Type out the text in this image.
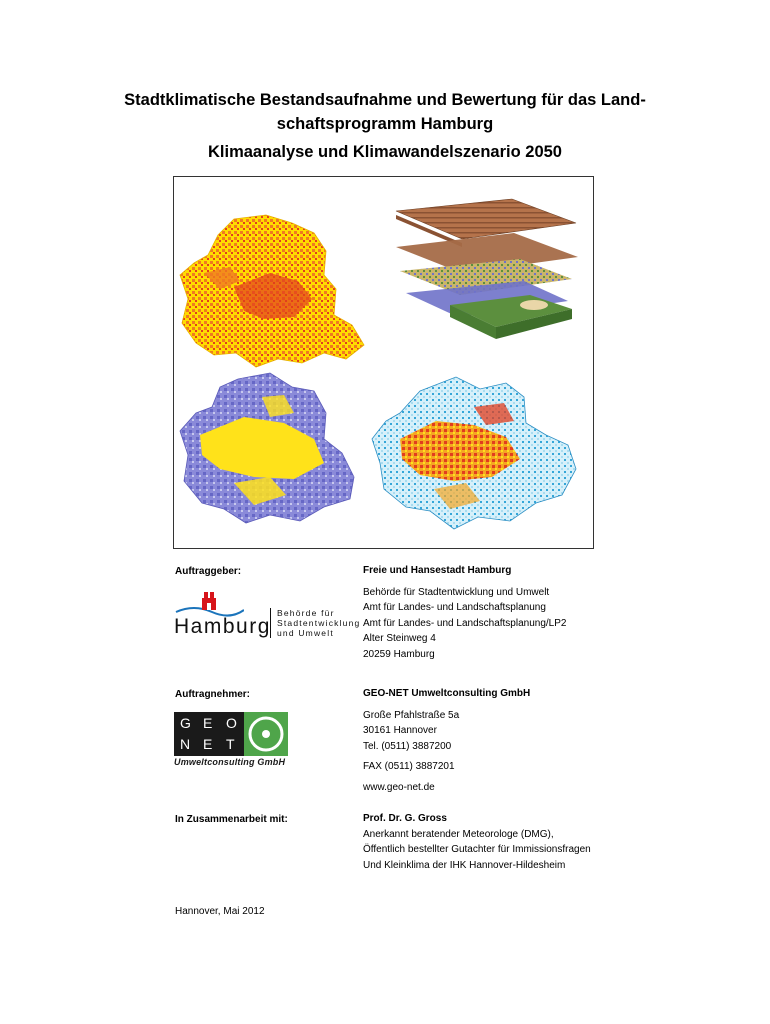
Stadtklimatische Bestandsaufnahme und Bewertung für das Land-
schaftsprogramm Hamburg
Klimaanalyse und Klimawandelszenario 2050
Auftraggeber:	Freie und Hansestadt Hamburg
Behörde für Stadtentwicklung und Umwelt
Amt für Landes- und Landschaftsplanung
Amt für Landes- und Landschaftsplanung/LP2
Alter Steinweg 4
20259 Hamburg
Hamburg
Behörde für
Stadtentwicklung
und Umwelt
Auftragnehmer:	GEO-NET Umweltconsulting GmbH
Große Pfahlstraße 5a
30161 Hannover
Tel. (0511) 3887200
FAX (0511) 3887201
www.geo-net.de
G E O
N E T
Umweltconsulting GmbH
In Zusammenarbeit mit:	Prof. Dr. G. Gross
Anerkannt beratender Meteorologe (DMG),
Öffentlich bestellter Gutachter für Immissionsfragen
Und Kleinklima der IHK Hannover-Hildesheim
Hannover, Mai 2012
